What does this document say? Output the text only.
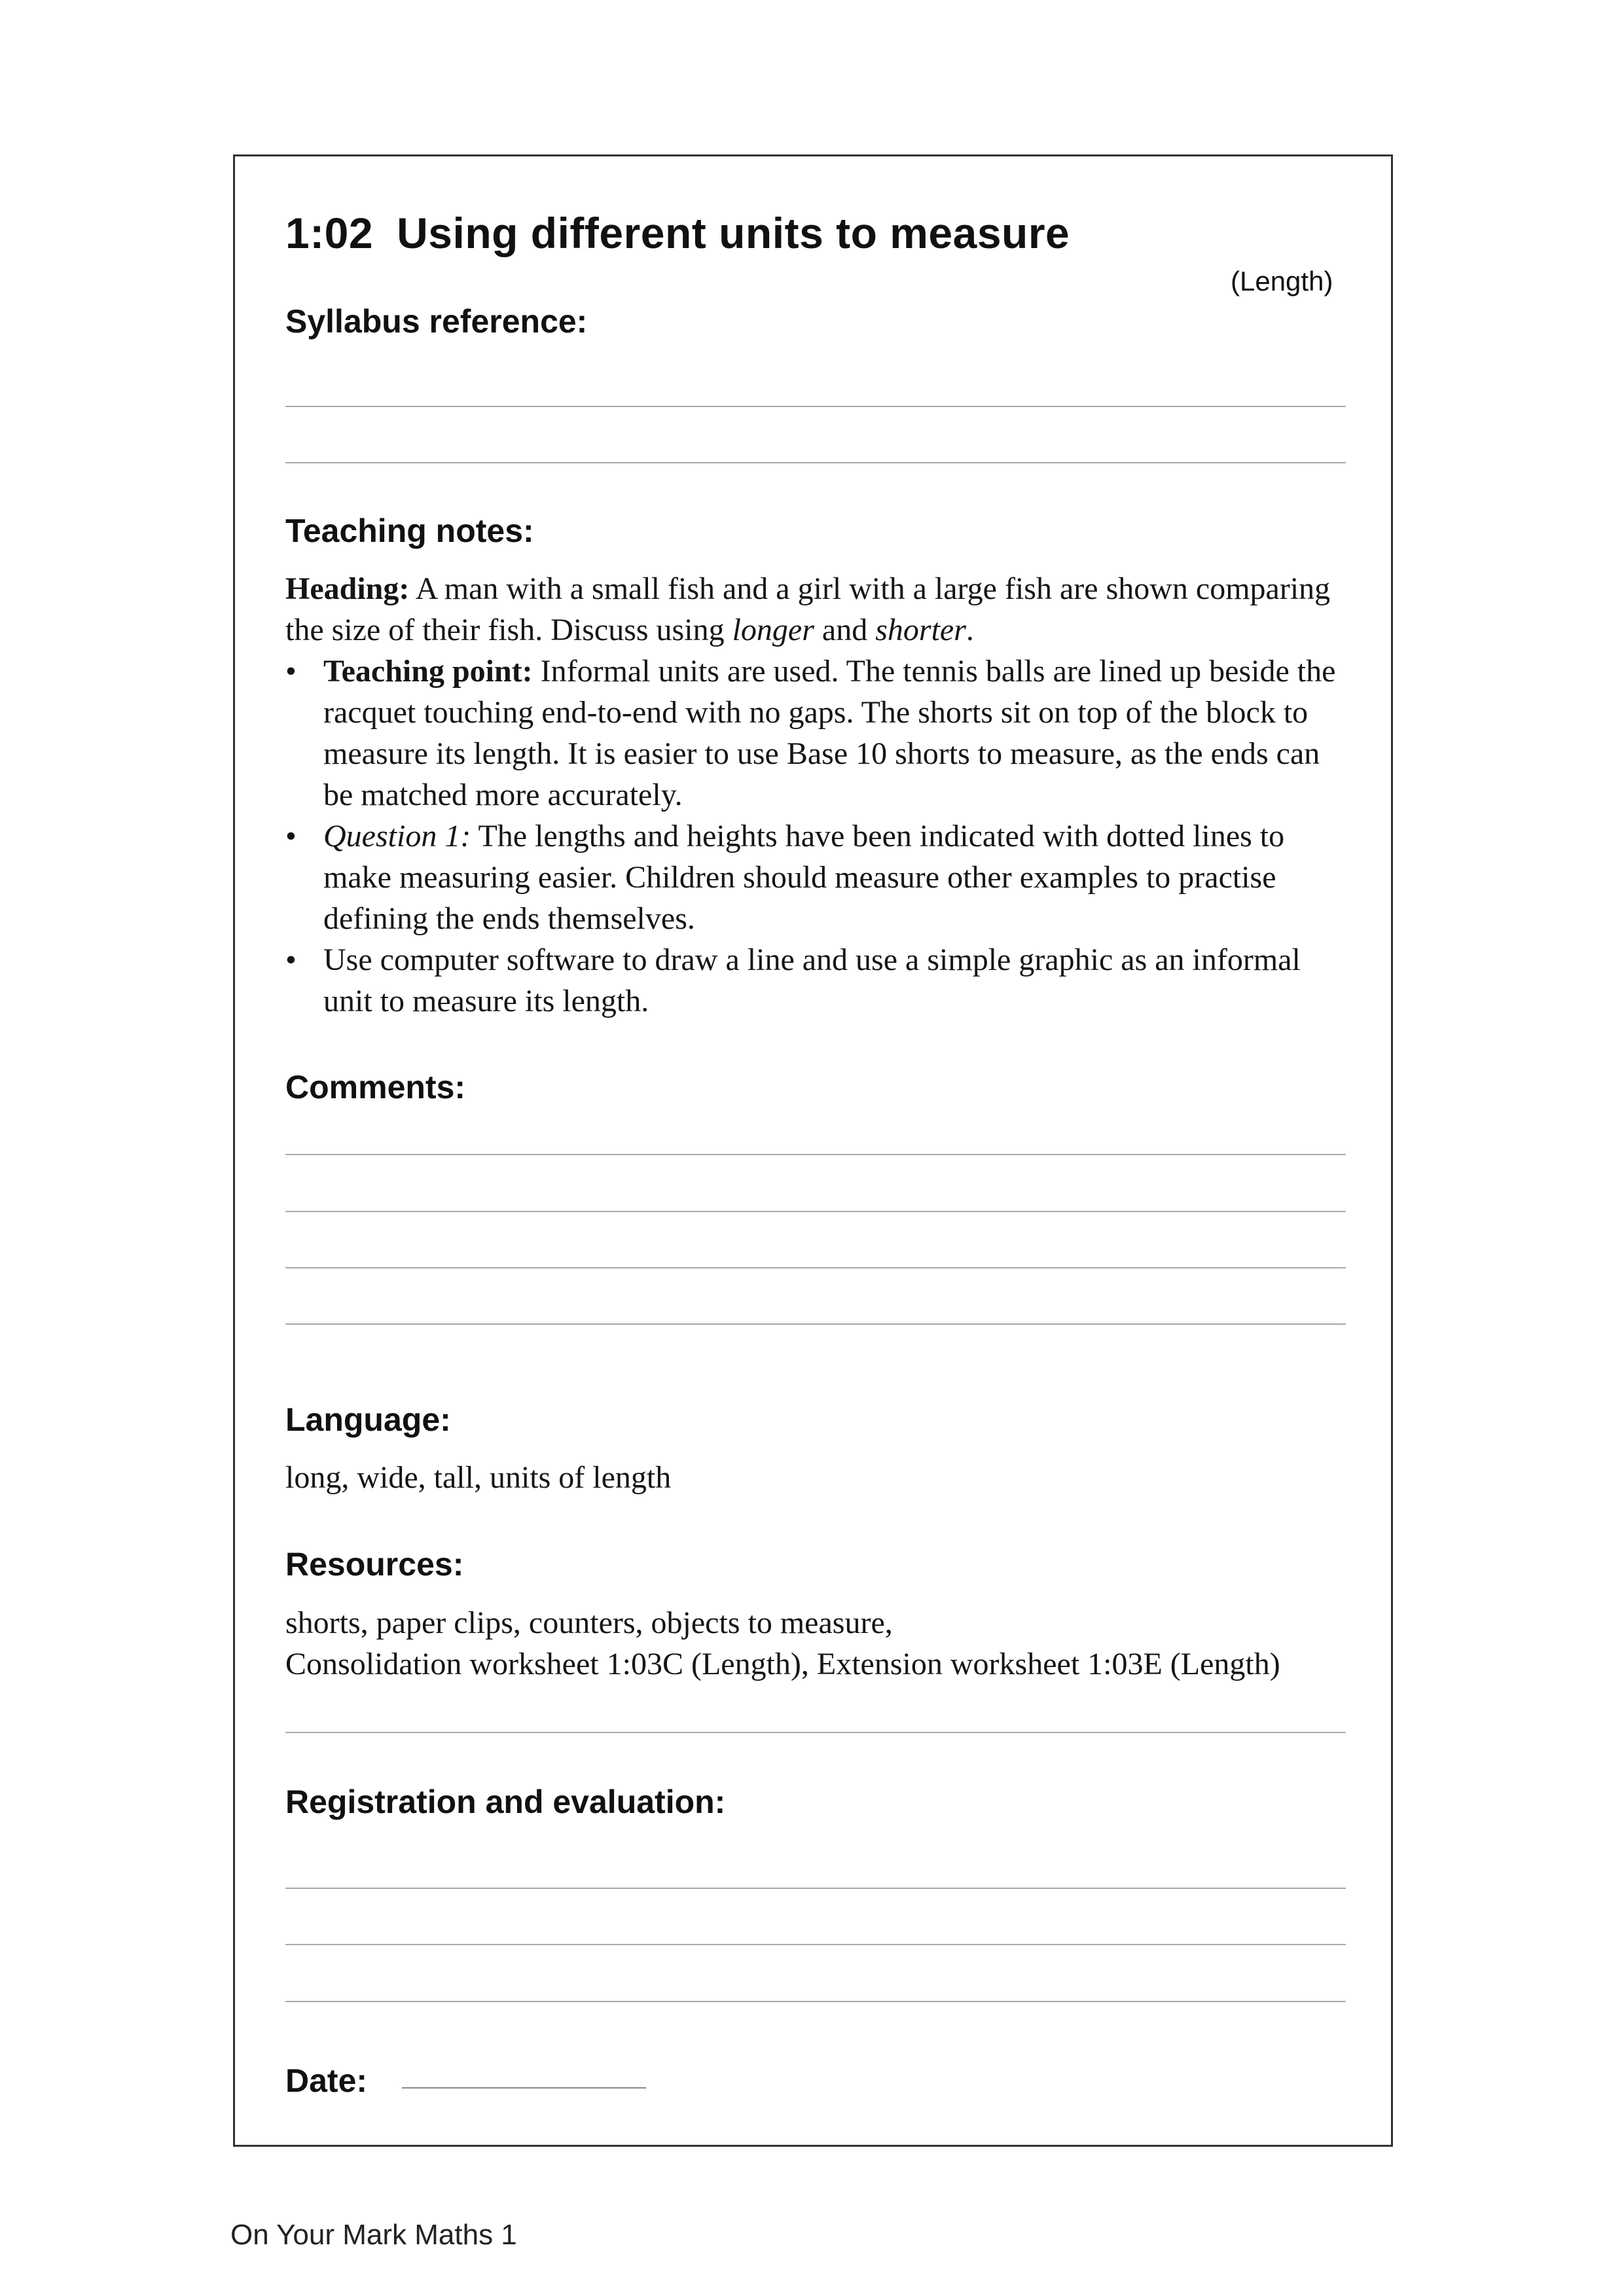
1:02 Using different units to measure
(Length)
Syllabus reference:
Teaching notes:

Heading: A man with a small fish and a girl with a large fish are shown comparing the size of their fish. Discuss using longer and shorter.

• Teaching point: Informal units are used. The tennis balls are lined up beside the racquet touching end-to-end with no gaps. The shorts sit on top of the block to measure its length. It is easier to use Base 10 shorts to measure, as the ends can be matched more accurately.
• Question 1: The lengths and heights have been indicated with dotted lines to make measuring easier. Children should measure other examples to practise defining the ends themselves.
• Use computer software to draw a line and use a simple graphic as an informal unit to measure its length.
Comments:
Language:
long, wide, tall, units of length
Resources:

shorts, paper clips, counters, objects to measure,

Consolidation worksheet 1:03C (Length), Extension worksheet 1:03E (Length)

Registration and evaluation:
Date:
On Your Mark Maths 1
